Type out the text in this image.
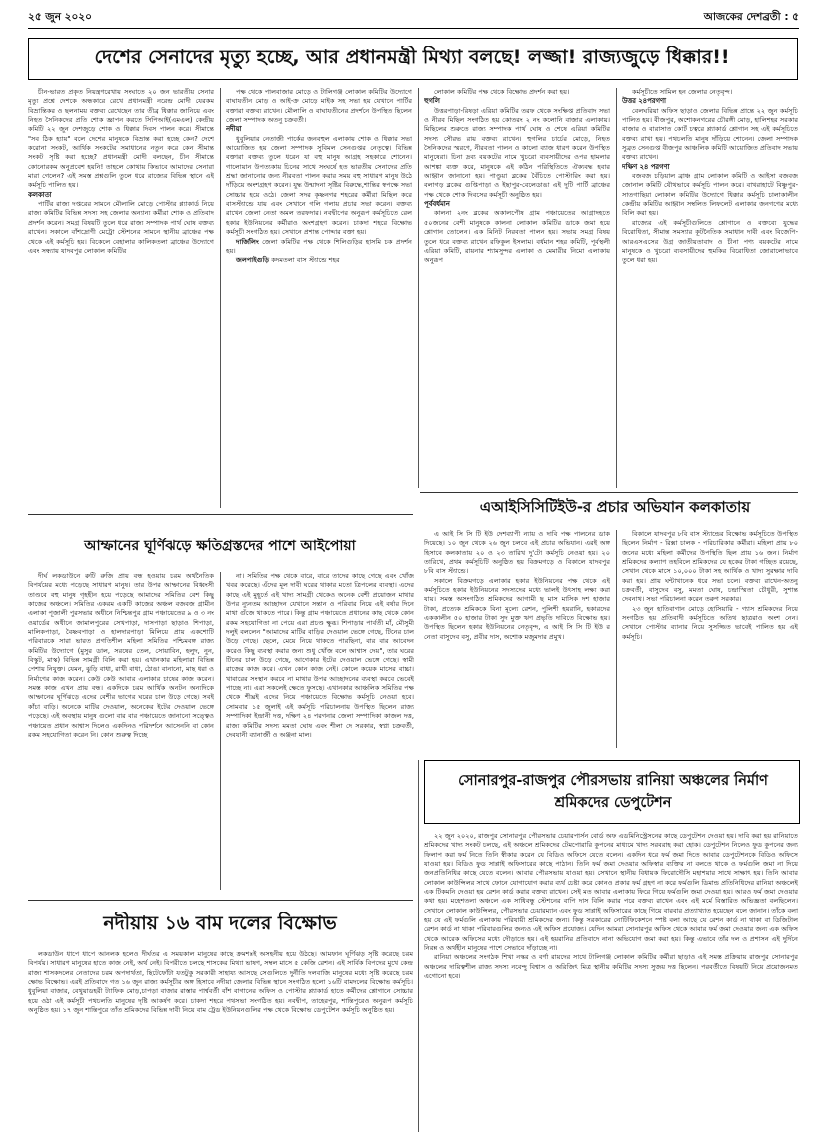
২৫ জুন ২০২০	আজকের দেশব্রতী : ৫
দেশের সেনাদের মৃত্যু হচ্ছে, আর প্রধানমন্ত্রী মিথ্যা বলছে! লজ্জা! রাজ্যজুড়ে ধিক্কার!!

চীন-ভারত প্রকৃত নিয়ন্ত্রণরেখায় সংঘাতে ২০ জন ভারতীয় সেনার মৃত্যু প্রশ্নে দেশকে অন্ধকারে রেখে প্রধানমন্ত্রী নরেন্দ্র মোদী যেরকম বিভ্রান্তিকর ও ছলনাময় বক্তব্য রেখেছেন তার তীব্র ধিক্কার জানিয়ে এবং নিহত সৈনিকদের প্রতি শোক জ্ঞাপন করতে সিপিআই(এমএল) কেন্দ্রীয় কমিটি ২২ জুন দেশজুড়ে শোক ও ধিক্কার দিবস পালন করে। সীমান্তে "সব ঠিক হ্যায়" বলে দেশের মানুষকে বিভ্রান্ত করা হচ্ছে কেন? দেশে করোনা সংকট, আর্থিক সংকটের সমাধানের নতুন করে কেন সীমান্ত সংকট সৃষ্টি করা হচ্ছে? প্রধানমন্ত্রী মোদী বলছেন, চীন সীমান্তে কোনোরকম অনুপ্রবেশ হয়নি! তাহলে কোথায় কিভাবে আমাদের সেনারা মারা গেলেন? এই সমস্ত প্রশ্নগুলি তুলে ধরে রাজ্যের বিভিন্ন স্থানে এই কর্মসূচি পালিত হয়।

কলকাতা

পার্টির রাজ্য দপ্তরের সামনে মৌলালি মোড়ে পোস্টার প্ল্যাকার্ড নিয়ে রাজ্য কমিটির বিভিন্ন সদস্য সহ জেলার অন্যান্য কর্মীরা শোক ও প্রতিবাদ প্রদর্শন করেন। সমগ্র বিষয়টি তুলে ধরে রাজ্য সম্পাদক পার্থ ঘোষ বক্তব্য রাখেন। সকালে বাঁশদ্রোণী মেট্রো স্টেশনের সামনে স্থানীয় ব্রাঞ্চের পক্ষ থেকে এই কর্মসূচি হয়। বিকেলে বেহালার কালিকতলা ব্রাঞ্চের উদ্যোগে এবং সন্ধ্যায় যাদবপুর লোকাল কমিটির

পক্ষ থেকে পালবাজার মোড়ে ও টালিগঞ্জ লোকাল কমিটির উদ্যোগে বাঘাযতীন মোড় ও আই-ক্র মোড়ে মাইক সহ সভা হয় যেখানে পার্টির বক্তারা বক্তব্য রাখেন। মৌলালি ও বাঘাযতীনের প্রদর্শনে উপস্থিত ছিলেন জেলা সম্পাদক অতনু চক্রবর্তী।

নদীয়া

ধুবুলিয়ার নেতাজী পার্কের জনবহুল এলাকায় শোক ও ধিক্কার সভা আয়োজিত হয় জেলা সম্পাদক সুবিমল সেনগুপ্তর নেতৃত্বে। বিভিন্ন বক্তারা বক্তব্য তুলে ধরেন যা বহু মানুষ আগ্রহ সহকারে শোনেন। গালোয়ান উপত্যকায় চিনের সাথে সংঘর্ষে হত ভারতীয় সেনাদের প্রতি শ্রদ্ধা জানানোর জন্য নীরবতা পালন করার সময় বহু সাধারণ মানুষ উঠে দাঁড়িয়ে অংশগ্রহণ করেন। যুদ্ধ উন্মাদনা সৃষ্টির বিরুদ্ধে,শান্তির স্বপক্ষে সভা সোচ্চার হয়ে ওঠে। জেলা সদর কৃষ্ণনগর শহরের কর্মীরা মিছিল করে বাসস্ট্যান্ডে যায় এবং সেখানে গলি গলায় প্রচার সভা করেন। বক্তব্য রাখেন জেলা নেতা অমল তরফদার। নবদ্বীপের অনুরূপ কর্মসূচিতে রেল হকার ইউনিয়নের কর্মীরাও অংশগ্রহণ করেন। চাকদা শহরে বিক্ষোভ কর্মসূচী সংগঠিত হয়। সেখানে প্রশান্ত পোদ্দার বক্তা হয়।

দার্জিলিং জেলা কমিটির পক্ষ থেকে শিলিগুড়ির হাসমি চক প্রদর্শন হয়।

জলপাইগুড়ি কদমতলা বাস স্ট্যান্ডে শহর

লোকাল কমিটির পক্ষ থেকে বিক্ষোভ প্রদর্শন করা হয়।

হুগলি

উত্তরপাড়া-রিষড়া এরিয়া কমিটির তরফ থেকে সংক্ষিপ্ত প্রতিবাদ সভা ও নীরব মিছিল সংগঠিত হয় কোতরং ২ নং কলোনি বাজার এলাকায়। মিছিলের শুরুতে রাজ্য সম্পাদক পার্থ ঘোষ ও শেষে এরিয়া কমিটির সদস্য সৌরভ রায় বক্তব্য রাখেন। হুগলির চার্চের মোড়ে, নিহত সৈনিকদের স্মরণে, নীরবতা পালন ও কালো ব্যাজ ধারণ করেন উপস্থিত মানুষেরা। চিনা দ্রব্য বয়কটের নামে খুচরো ব্যবসায়ীদের ওপর হামলার আশঙ্কা ব্যক্ত করে, মানুষকে এই কঠিন পরিস্থিতিতে ঐক্যবদ্ধ হবার আহ্বান জানানো হয়। পাণ্ডুয়া ব্লকের বৈঁচিতে পোস্টারিং করা হয়। বলাগড় ব্লকের গুপ্তিপাড়া ও ইছাপুর-বেলেডাঙা এই দুটি পার্টি ব্রাঞ্চের পক্ষ থেকে শোক দিবসের কর্মসূচী অনুষ্ঠিত হয়।

পূর্ববর্ধমান

কালনা ২নং ব্লকের অকালপৌষ গ্রাম পঞ্চায়েতের আগ্রাদহতে ৫০জনের বেশী মানুষকে কালনা লোকাল কমিটির ডাকে জমা হয়ে শ্লোগান তোলেন। এক মিনিট নিরবতা পালন হয়। সভায় সমগ্র বিষয় তুলে ধরে বক্তব্য রাখেন রফিকুল ইসলাম। বর্ধমান শহর কমিটি, পূর্বস্থলী এরিয়া কমিটি, রায়নার শ্যামসুন্দর এলাকা ও মেমারীর নিমো এলাকায় অনুরূপ

কর্মসূচীতে সামিল হন জেলার নেতৃবৃন্দ।

উত্তর ২৪পরগণা

বেলঘরিয়া অফিস ছাড়াও জেলার বিভিন্ন প্রান্তে ২২ জুন কর্মসূচি পালিত হয়। বীজপুর, অশোকনগরের চৌরঙ্গী মোড়, হালিশহর সরকার বাজার ও বারাসাত কোর্ট চত্বরে প্ল্যাকার্ড শ্লোগান সহ এই কর্মসূচিতে বক্তব্য রাখা হয়। পথচলতি মানুষ দাঁড়িয়ে শোনেন। জেলা সম্পাদক সুব্রত সেনগুপ্ত বীজপুর আঞ্চলিক কমিটি আয়োজিত প্রতিবাদ সভায় বক্তব্য রাখেন।

দক্ষিণ ২৪ পরগণা

বজবজ চড়িয়াল ব্রাঞ্চ গ্রাম লোকাল কমিটি ও আইসা বজবজ জোনাল কমিটি যৌথভাবে কর্মসূচি পালন করে। বাখরাহাটে বিষ্ণুপুর-সাতগাছিয়া লোকাল কমিটির উদ্যোগে ধিক্কার কর্মসূচি চালাকালীন কেন্দ্রীয় কমিটির আহ্বান সম্বলিত লিফলেট এলাকার জনগণের মধ্যে বিলি করা হয়।

রাজ্যের এই কর্মসূচীগুলিতে শ্লোগানে ও বক্তব্যে যুদ্ধের বিরোধিতা, সীমান্ত সমস্যার কূটনৈতিক সমাধান দাবী এবং বিজেপি-আরএসএসের উগ্র জাতীয়তাবাদ ও চীনা পণ্য বয়কটের নামে মানুষকে ও খুচরো ব্যবসায়ীদের হুমকির বিরোধিতা জোরালোভাবে তুলে ধরা হয়।

আম্ফানের ঘূর্ণিঝড়ে ক্ষতিগ্রস্তদের পাশে আইপোয়া

দীর্ঘ লকডাউনে রুটি রুজি প্রায় বন্ধ হওয়ায় চরম অর্থনৈতিক বিপর্যয়ের মধ্যে পড়েছে সাধারণ মানুষ। তার উপর আম্ফানের বিধ্বংসী তাণ্ডবে বহু মানুষ গৃহহীন হয়ে পড়েছে আমাদের সমিতির বেশ কিছু কাজের অঞ্চলে। সমিতির একরম একটি কাজের অঞ্চল বজবজ গ্রামীন এলাকা পূজালী পুরসভার অধীনে নিশ্চিন্তপুর গ্রাম পঞ্চায়েতের ৯ ও ৩ নং ওয়ার্ডের অধীনে জামালপুরের সেখপাড়া, দাসপাড়া ছাড়াও শিপাড়া, মালিকপাড়া, বৈষ্ণবপাড়া ও হালদারপাড়া মিলিয়ে প্রায় একশোটি পরিবারকে সারা ভারত প্রগতিশীল মহিলা সমিতির পশ্চিমবঙ্গ রাজ্য কমিটির উদ্যোগে (মুসুর ডাল, সরষের তেল, সোয়াবিন, হলুদ, নুন, বিস্কুট, মাস্ক) বিভিন্ন সামগ্রী বিলি করা হয়। এখানকার মহিলারা বিভিন্ন পেশায় নিযুক্ত। যেমন, ঝুড়ি বাধা, রাখী বাধা, ঠোঙা বানানো, মাছ ধরা ও নির্মাণের কাজ করেন। কেউ কেউ আবার এলাকার চাষের কাজ করেন। সমস্ত কাজ এখন প্রায় বন্ধ। একদিকে চরম আর্থিক অনটন অন্যদিকে আম্ফানের ঘূর্ণিঝড়ে এদের বেশীর ভাগের ঘরের চাল উড়ে গেছে। সবই কাঁচা বাড়ি। অনেকে মাটির দেওয়াল, অনেকের ইটের দেওয়াল ভেঙ্গে পড়েছে। এই অবস্থায় মানুষ গুলো বার বার পঞ্চায়েতে জানানো সত্ত্বেও পঞ্চায়েত প্রধান আশ্বাস দিলেও একদিনও পরিদর্শনে আসেননি বা কোন রকম সহযোগিতা করেন নি। কোন শুরুত্ব দিচ্ছে

না। সমিতির পক্ষ থেকে বারে, বারে তাদের কাছে গেছে এবং খোঁজ খবর করেছে। এঁদের মূল দাবী ঘরের থাকার মতো ত্রিপলের ব্যবস্থা। এদের কাছে এই মুহূর্তে এই খাদ্য সামগ্রী থেকেও অনেক বেশী প্রয়োজন মাথার উপর ন্যুনতম আচ্ছাদন যেখানে সন্তান ও পরিবার নিয়ে এই বর্ষার দিনে মাথা গুঁজে থাকতে পারে। কিন্তু গ্রাম পঞ্চায়েতে প্রধানের কাছ থেকে কোন রকম সহযোগিতা না পেয়ে এরা প্রচণ্ড ক্ষুব্ধ। শিপাড়ার পার্বতী মাঁ, মৌসুমী দলুই বললেন "আমাদের মাটির বাড়ির দেওয়াল ভেঙ্গে গেছে, টিনের চাল উড়ে গেছে। ছেলে, মেয়ে নিয়ে থাকতে পারছিনা, বার বার আবেদন করেও কিছু ব্যবস্থা করার জন্য শুধু খোঁজ বলে আশ্বাস দেয়", তার ঘরের টিনের চাল উড়ে গেছে, আগেকার ইটের দেওয়াল ভেঙ্গে গেছে। স্বামী রাজের কাজ করে। এখন কোন কাজ নেই। কোলে কয়েক মাসের বাচ্চা। খাবারের সংস্থান করবে না মাথার উপর আচ্ছাদনের ব্যবস্থা করবে ভেবেই পাচ্ছে না। এরা সকলেই ক্ষেতে ফুসছে। এখানকার আঞ্চলিক সমিতির পক্ষ থেকে শীঘ্রই এদের নিয়ে পঞ্চায়েতে বিক্ষোভ কর্মসূচি নেওয়া হবে। সোমবার ১৫ জুলাই এই কর্মসূচি পরিচালনায় উপস্থিত ছিলেন রাজ্য সম্পাদিকা ইন্দ্রানী দত্ত, দক্ষিণ ২৪ পরগনার জেলা সম্পাদিকা কাজল দত্ত, রাজ্য কমিটির সদস্য মমতা ঘোষ এবং শীলা দে সরকার, স্বপ্না চক্রবর্তী, দেবযানী ব্যানার্জী ও অঞ্জনা মাল।

এআইসিসিটিইউ-র প্রচার অভিযান কলকাতায়

এ আই সি সি টি ইউ দেশব্যাপী ন্যায় ও দাবি পক্ষ পালনের ডাক দিয়েছে। ১০ জুন থেকে ২৬ জুন চলবে এই প্রচার অভিযান। এরই অঙ্গ হিসাবে কলকাতায় ২০ ও ২৩ তারিখ দু'টো কর্মসূচি নেওয়া হয়। ২০ তারিখে, প্রথম কর্মসূচিটি অনুষ্ঠিত হয় বিক্রমগড়ে ও বিকালে যাদবপুর ৮বি বাস স্ট্যান্ডে।

সকালে বিক্রমগড়ে এলাকার হকার ইউনিয়নের পক্ষ থেকে এই কর্মসূচিতে হকার ইউনিয়নের সদস্যদের মধ্যে ভালই উৎসাহ লক্ষ্য করা যায়। সমস্ত অসংগঠিত শ্রমিকদের আগামী ছ মাস মাসিক দশ হাজার টাকা, প্রত্যেক শ্রমিককে বিনা মূল্যে রেশন, পুলিশী হয়রানি, হকারদের এককালীন ৫০ হাজার টাকা সুদ মুক্ত ঋণ প্রভৃতি দাবিতে বিক্ষোভ হয়। উপস্থিত ছিলেন হকার ইউনিয়নের নেতৃবৃন্দ, এ আই সি সি টি ইউ র নেতা বাসুদেব বসু, প্রবীর দাস, অশোক মজুমদার প্রমুখ।

বিকালে যাদবপুর ৮বি বাস স্ট্যান্ডের বিক্ষোভ কর্মসূচিতে উপস্থিত ছিলেন নির্মাণ - রিক্সা চালক - পরিচারিকার কর্মীরা। মহিলা প্রায় ৮০ জনের মধ্যে মহিলা কর্মীদের উপস্থিতি ছিল প্রায় ১৬ জন। নির্মাণ শ্রমিকদের কল্যাণ তহবিলে শ্রমিকদের যে হকের টাকা গচ্ছিত রয়েছে, সেখান থেকে মাসে ১০,০০০ টাকা সহ আর্থিক ও খাদ্য সুরক্ষার দাবি করা হয়। প্রায় ঘন্টাখানেক ধরে সভা চলে। বক্তব্য রাখেন-অতনু চক্রবর্তী, বাসুদেব বসু, মমতা ঘোষ, চন্দ্রাস্মিতা চৌধুরী, সুশান্ত দেবনাথ। সভা পরিচালনা করেন তরুণ সরকার।

২৩ জুন হাতিবাগান মোড়ে হোসিয়ারি - গ্যাস শ্রমিকদের নিয়ে সংগঠিত হয় প্রতিবাদী কর্মসূচিতে অতিথ ছাত্ররাও অংশ নেন। সেখানে পোস্টার ব্যানার নিয়ে সুসজ্জিত ভাবেই পালিত হয় এই কর্মসূচি।

সোনারপুর-রাজপুর পৌরসভায় রানিয়া অঞ্চলের নির্মাণ শ্রমিকদের ডেপুটেশন

২২ জুন ২০২০, রাজপুর সোনারপুর পৌরসভার চেয়ারপার্সন বোর্ড অফ এডমিনিস্ট্রেসনের কাছে ডেপুটেশন দেওয়া হয়। দাবি করা হয় রানিয়াতে শ্রমিকদের খাদ্য সংকট চলছে, এই অঞ্চলে শ্রমিকদের টেমপোরারি কুপনের মাধ্যমে খাদ্য সরবরাহ করা হোক। ডেপুটেশন নিলেও ফুড কুপনের জন্য ফিলাপ করা ফর্ম নিতে তিনি স্বীকার করেন যে বিডিও অফিসে যেতে বলেন। একদিন ধরে ফর্ম জমা দিতে আবার ডেপুটেশনকে বিডিও অফিসে যাওয়া হয়। বিডিও ফুড সাপ্লাই অফিসারের কাছে পাঠান। তিনি ফর্ম জমা দেওয়ার অফিস্বার ব্যক্তির না বলতে থাকে ও ফর্মগুলি জমা না দিয়ে জনপ্রতিনিধির কাছে যেতে বলেন। আবার পৌরসভায় যাওয়া হয়। সেখানে স্থানীয় বিধায়ক ফিরোদৌসি মহাশয়ার সাথে সাক্ষাৎ হয়। তিনি আবার লোকাল কাউন্সিলর সাথে ফোনে যোগাযোগ করার ব্যর্থ চেষ্টা করে কোনও প্রকার ফর্ম গ্রহণ না করে ফর্মগুলি ডিমান্ড প্রতিনিধিদের রানিয়া অঞ্চলেই এক টিকমনি দেওয়া হয় রেশন কার্ড করার বক্তব্য রাখেন। সেই মত আবার এলাকায় ফিরে গিয়ে ফর্মগুলি জমা দেওয়া হয়। আরও ফর্ম জমা দেওয়ার কথা হয়। মহেশতলা অঞ্চলে এক সাধিবন্ধু স্টেশনের বাপি দাস বিলি করার পরে বক্তব্য রাখেন এবং এই মর্মে বিস্তারিত অভিজ্ঞতা বলছিলেন। সেখানে লোকাল কাউন্সিলর, পৌরসভার চেয়ারম্যান এবং ফুড সাপ্লাই অফিসারের কাছে গিয়ে বারবার প্রত্যাখ্যাত হয়েছেন বলে জানান। তাঁকে বলা হয় যে এই ফর্মগুলি এলাকায় পরিযায়ী শ্রমিকদের জন্য। কিন্তু সরকারের নোটিফিকেশনে স্পষ্ট বলা আছে যে রেশন কার্ড না থাকা বা ডিজিটাল রেশন কার্ড না থাকা পরিবারগুলির জন্যও এই অফিস প্রযোজ্য। যেদিন আমরা সোনারপুর অফিস থেকে আবার ফর্ম জমা দেওয়ার জন্য এক অফিস থেকে আরেক অফিসের মধ্যে দৌড়াতে হয়। এই হয়রানির প্রতিবাদে নানা অভিযোগ জমা করা হয়। কিন্তু এভাবে তাঁর দল ও প্রশাসন এই দুর্দিনে নিরন্ন ও অর্থহীন মানুষের পাশে সেভাবে দাঁড়াচ্ছে না।

রানিয়া অঞ্চলের সংগঠক শিখা নস্কর ও বর্ণা রায়দের সাথে টালিগঞ্জ লোকাল কমিটির কর্মীরা ছাড়াও এই সমস্ত প্রক্রিয়ায় রাজপুর সোনারপুর অঞ্চলের দায়িত্বশীল রাজ্য সদস্য নবেন্দু বিশ্বাস ও অরিজিৎ মিত্র স্থানীয় কমিটির সদস্য সুজয় দত্ত ছিলেন। পরবর্তীতে বিষয়টি নিয়ে প্রয়োজনমত এগোনো হবে।

নদীয়ায় ১৬ বাম দলের বিক্ষোভ

লকডাউন ধাপে ধাপে আনলক হলেও দীর্ঘতর এ সময়কাল মানুষের কাছে ক্রমশঃই অসহনীয় হয়ে উঠছে। আমফান ঘূর্ণিঝড় সৃষ্টি করেছে চরম বিপর্যয়। সাধারণ মানুষের হাতে কাজ নেই, অর্থ নেই। বিপরীতে চলছে শাসকের মিথ্যা ভাষণ, সম্বল মাসে ৫ কেজি রেশন। এই সার্বিক বিপদের মুখে কেন্দ্র রাজ্য শাসকদলের নেতাদের চরম অপদার্থতা, ছিটেফোঁটা যতটুকু সরকারী সাহায্য আসছে সেগুলিতে দুর্নীতি দলবাজি মানুষের মধ্যে সৃষ্টি করেছে চরম ক্ষোভ বিক্ষোভ। এরই প্রতিবাদে গত ১৬ জুন রাজ্য কর্মসূচীর অঙ্গ হিসাবে নদীয়া জেলার বিভিন্ন স্থানে সংগঠিত হলো ১৬টি বামদলের বিক্ষোভ কর্মসূচি। ধুবুলিয়া বাজার, বেথুয়াডহরী ট্যাফিক মোড়,চাপড়া বাজার রাস্তার পার্শ্ববর্তী বাঁশ বাগানের অফিস ও পোস্টার প্ল্যাকার্ড হাতে কর্মীদের শ্লোগানে সোচ্চার হয়ে ওঠা এই কর্মসূচী পথচলতি মানুষের দৃষ্টি আকর্ষণ করে। চাকদা শহরে পথসভা সংগঠিত হয়। নবদ্বীপ, তাহেরপুর, শান্তিপুরেও অনুরূপ কর্মসূচি অনুষ্ঠিত হয়। ১৭ জুন শান্তিপুরে তাঁত শ্রমিকদের বিভিন্ন দাবী নিয়ে বাম ট্রেড ইউনিয়নগুলির পক্ষ থেকে বিক্ষোভ ডেপুটেশন কর্মসূচি অনুষ্ঠিত হয়।
